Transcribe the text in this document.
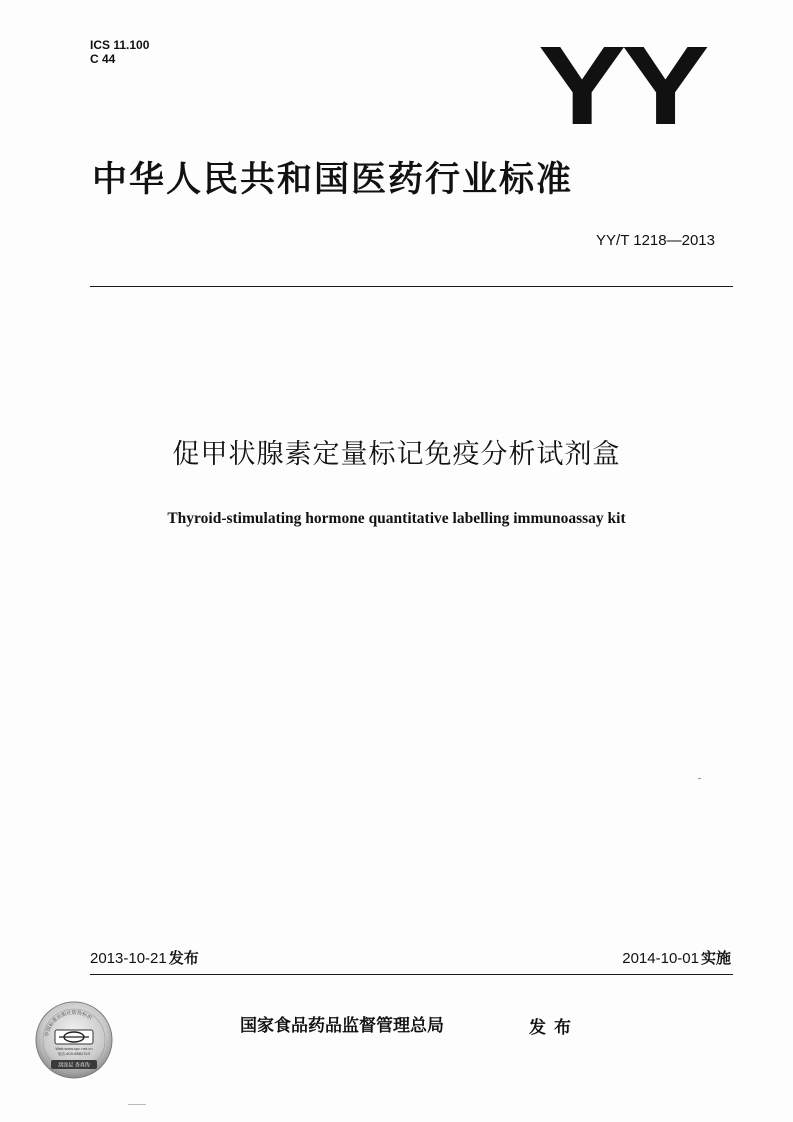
ICS 11.100
C 44	YY
中华人民共和国医药行业标准
YY/T 1218—2013
促甲状腺素定量标记免疫分析试剂盒
Thyroid-stimulating hormone quantitative labelling immunoassay kit
2013-10-21 发布	2014-10-01 实施
国家食品药品监督管理总局	发布
中国标准出版社防伪标识
Web:www.spc.net.cn
电话:400-6882315
刮涂层 查真伪
